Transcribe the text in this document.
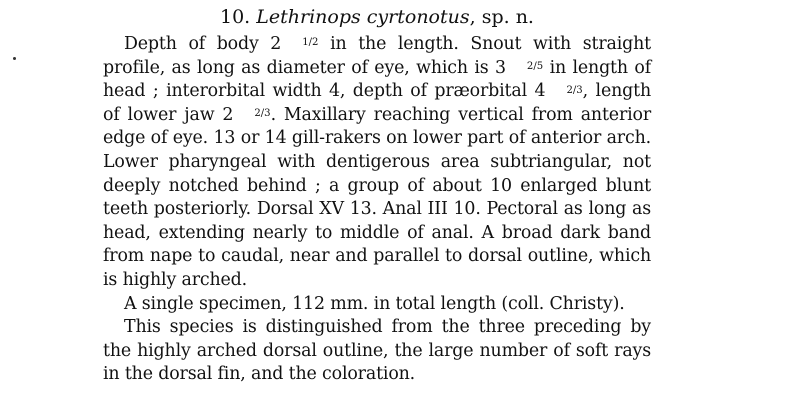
10. Lethrinops cyrtonotus, sp. n.

Depth of body 2 1/2 in the length. Snout with straight profile, as long as diameter of eye, which is 3 2/5 in length of head ; interorbital width 4, depth of præorbital 4 2/3, length of lower jaw 2 2/3. Maxillary reaching vertical from anterior edge of eye. 13 or 14 gill-rakers on lower part of anterior arch. Lower pharyngeal with dentigerous area subtriangular, not deeply notched behind ; a group of about 10 enlarged blunt teeth posteriorly. Dorsal XV 13. Anal III 10. Pectoral as long as head, extending nearly to middle of anal. A broad dark band from nape to caudal, near and parallel to dorsal outline, which is highly arched.

A single specimen, 112 mm. in total length (coll. Christy).

This species is distinguished from the three preceding by the highly arched dorsal outline, the large number of soft rays in the dorsal fin, and the coloration.
